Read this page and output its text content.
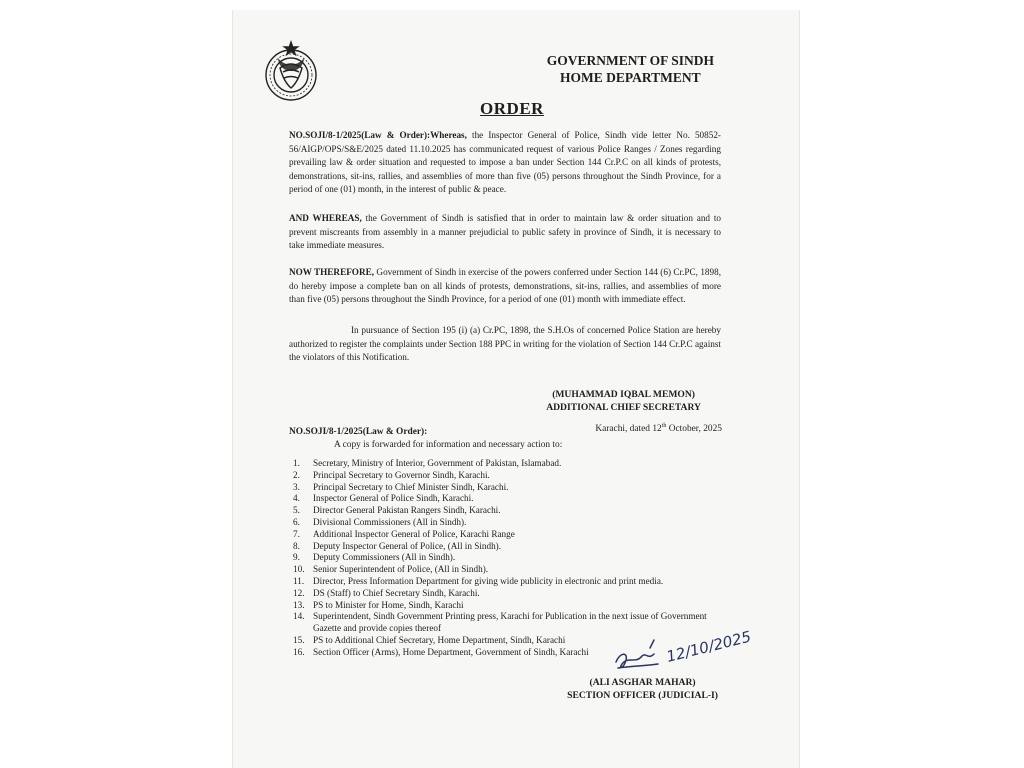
GOVERNMENT OF SINDH
HOME DEPARTMENT
ORDER
NO.SOJI/8-1/2025(Law & Order):Whereas, the Inspector General of Police, Sindh vide letter No. 50852-56/AIGP/OPS/S&E/2025 dated 11.10.2025 has communicated request of various Police Ranges / Zones regarding prevailing law & order situation and requested to impose a ban under Section 144 Cr.P.C on all kinds of protests, demonstrations, sit-ins, rallies, and assemblies of more than five (05) persons throughout the Sindh Province, for a period of one (01) month, in the interest of public & peace.
AND WHEREAS, the Government of Sindh is satisfied that in order to maintain law & order situation and to prevent miscreants from assembly in a manner prejudicial to public safety in province of Sindh, it is necessary to take immediate measures.
NOW THEREFORE, Government of Sindh in exercise of the powers conferred under Section 144 (6) Cr.PC, 1898, do hereby impose a complete ban on all kinds of protests, demonstrations, sit-ins, rallies, and assemblies of more than five (05) persons throughout the Sindh Province, for a period of one (01) month with immediate effect.
In pursuance of Section 195 (i) (a) Cr.PC, 1898, the S.H.Os of concerned Police Station are hereby authorized to register the complaints under Section 188 PPC in writing for the violation of Section 144 Cr.P.C against the violators of this Notification.
(MUHAMMAD IQBAL MEMON)
ADDITIONAL CHIEF SECRETARY
NO.SOJI/8-1/2025(Law & Order):	Karachi, dated 12th October, 2025
A copy is forwarded for information and necessary action to:
1.	Secretary, Ministry of Interior, Government of Pakistan, Islamabad.
2.	Principal Secretary to Governor Sindh, Karachi.
3.	Principal Secretary to Chief Minister Sindh, Karachi.
4.	Inspector General of Police Sindh, Karachi.
5.	Director General Pakistan Rangers Sindh, Karachi.
6.	Divisional Commissioners (All in Sindh).
7.	Additional Inspector General of Police, Karachi Range
8.	Deputy Inspector General of Police, (All in Sindh).
9.	Deputy Commissioners (All in Sindh).
10. Senior Superintendent of Police, (All in Sindh).
11. Director, Press Information Department for giving wide publicity in electronic and print media.
12. DS (Staff) to Chief Secretary Sindh, Karachi.
13. PS to Minister for Home, Sindh, Karachi
14. Superintendent, Sindh Government Printing press, Karachi for Publication in the next issue of Government Gazette and provide copies thereof
15. PS to Additional Chief Secretary, Home Department, Sindh, Karachi
16. Section Officer (Arms), Home Department, Government of Sindh, Karachi	12/10/2025
(ALI ASGHAR MAHAR)
SECTION OFFICER (JUDICIAL-I)
